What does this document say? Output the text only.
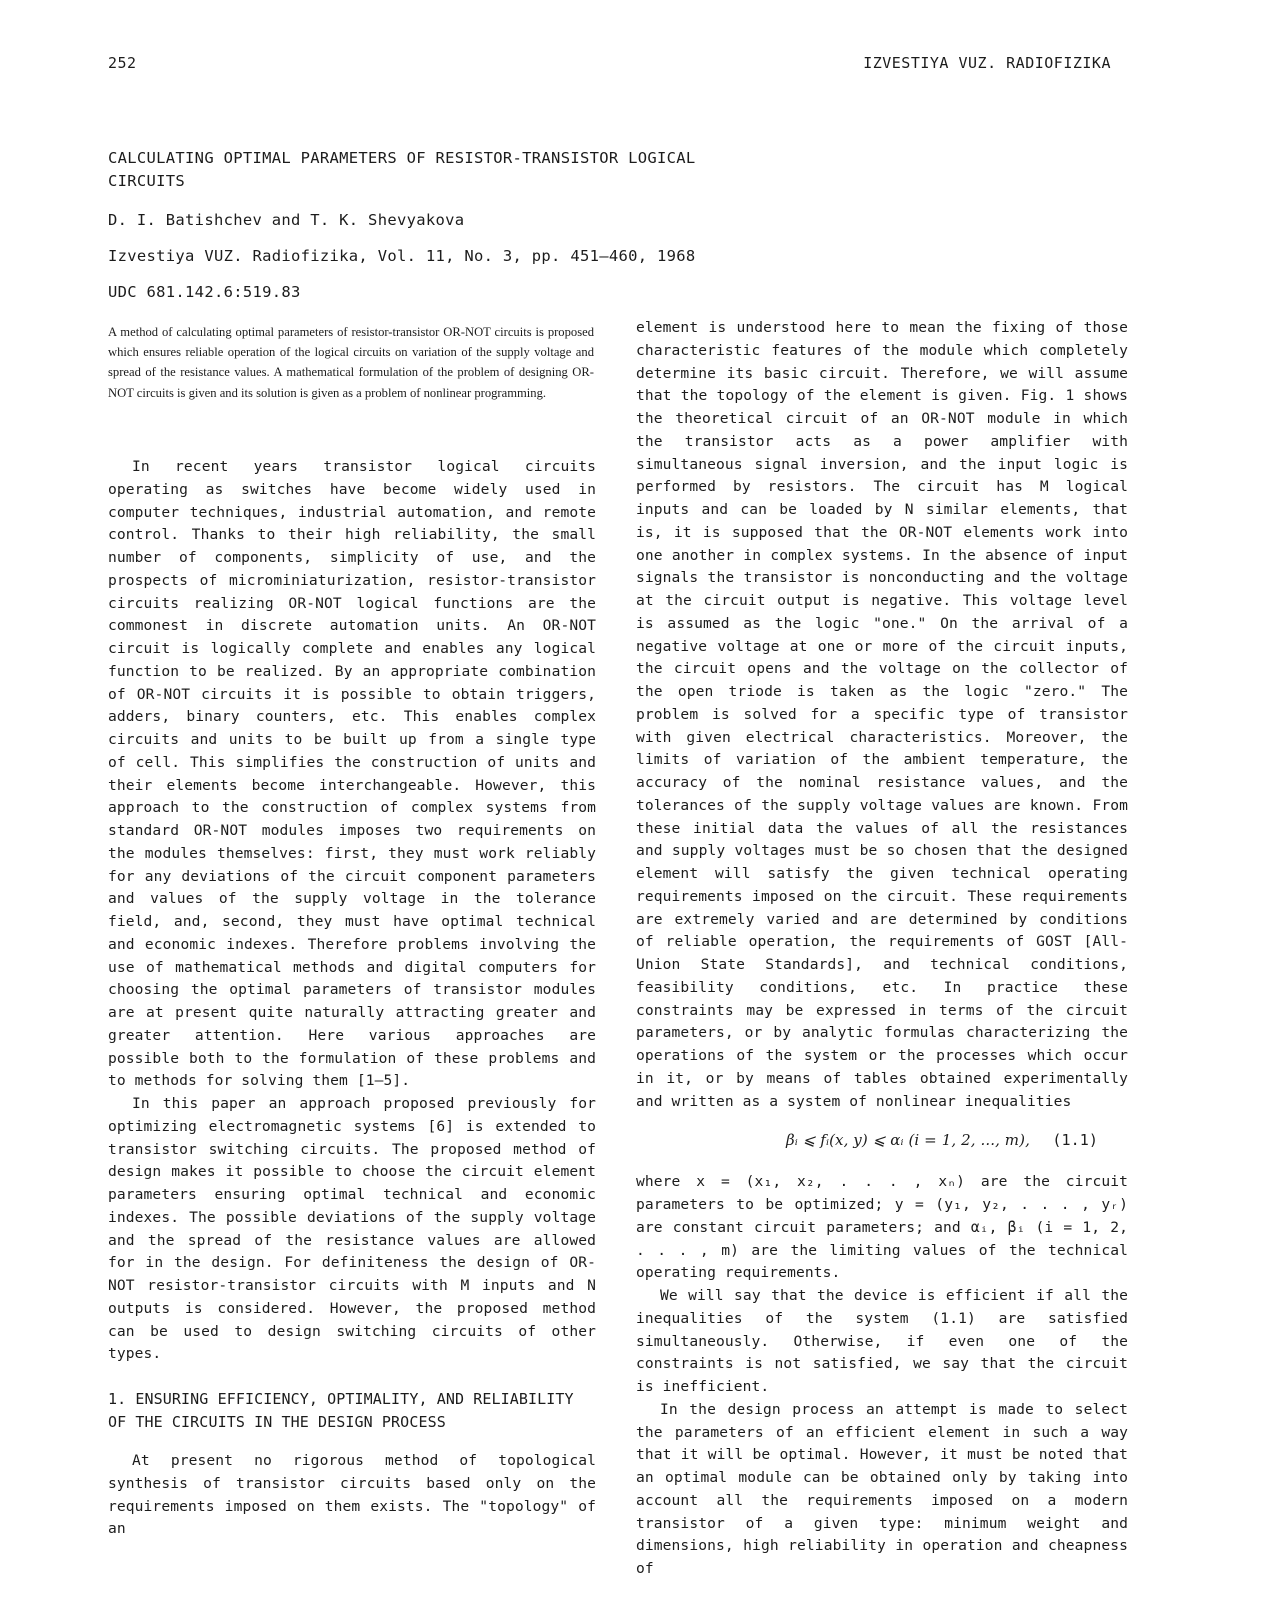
252	IZVESTIYA VUZ. RADIOFIZIKA
CALCULATING OPTIMAL PARAMETERS OF RESISTOR-TRANSISTOR LOGICAL
CIRCUITS

D. I. Batishchev and T. K. Shevyakova

Izvestiya VUZ. Radiofizika, Vol. 11, No. 3, pp. 451–460, 1968

UDC 681.142.6:519.83

A method of calculating optimal parameters of resistor-transistor OR-NOT circuits is proposed which ensures reliable operation of the logical circuits on variation of the supply voltage and spread of the resistance values. A mathematical formulation of the problem of designing OR-NOT circuits is given and its solution is given as a problem of nonlinear programming.

In recent years transistor logical circuits operating as switches have become widely used in computer techniques, industrial automation, and remote control. Thanks to their high reliability, the small number of components, simplicity of use, and the prospects of microminiaturization, resistor-transistor circuits realizing OR-NOT logical functions are the commonest in discrete automation units. An OR-NOT circuit is logically complete and enables any logical function to be realized. By an appropriate combination of OR-NOT circuits it is possible to obtain triggers, adders, binary counters, etc. This enables complex circuits and units to be built up from a single type of cell. This simplifies the construction of units and their elements become interchangeable. However, this approach to the construction of complex systems from standard OR-NOT modules imposes two requirements on the modules themselves: first, they must work reliably for any deviations of the circuit component parameters and values of the supply voltage in the tolerance field, and, second, they must have optimal technical and economic indexes. Therefore problems involving the use of mathematical methods and digital computers for choosing the optimal parameters of transistor modules are at present quite naturally attracting greater and greater attention. Here various approaches are possible both to the formulation of these problems and to methods for solving them [1–5].

In this paper an approach proposed previously for optimizing electromagnetic systems [6] is extended to transistor switching circuits. The proposed method of design makes it possible to choose the circuit element parameters ensuring optimal technical and economic indexes. The possible deviations of the supply voltage and the spread of the resistance values are allowed for in the design. For definiteness the design of OR-NOT resistor-transistor circuits with M inputs and N outputs is considered. However, the proposed method can be used to design switching circuits of other types.

1. ENSURING EFFICIENCY, OPTIMALITY, AND RELIABILITY OF THE CIRCUITS IN THE DESIGN PROCESS

At present no rigorous method of topological synthesis of transistor circuits based only on the requirements imposed on them exists. The "topology" of an

element is understood here to mean the fixing of those characteristic features of the module which completely determine its basic circuit. Therefore, we will assume that the topology of the element is given. Fig. 1 shows the theoretical circuit of an OR-NOT module in which the transistor acts as a power amplifier with simultaneous signal inversion, and the input logic is performed by resistors. The circuit has M logical inputs and can be loaded by N similar elements, that is, it is supposed that the OR-NOT elements work into one another in complex systems. In the absence of input signals the transistor is nonconducting and the voltage at the circuit output is negative. This voltage level is assumed as the logic "one." On the arrival of a negative voltage at one or more of the circuit inputs, the circuit opens and the voltage on the collector of the open triode is taken as the logic "zero." The problem is solved for a specific type of transistor with given electrical characteristics. Moreover, the limits of variation of the ambient temperature, the accuracy of the nominal resistance values, and the tolerances of the supply voltage values are known. From these initial data the values of all the resistances and supply voltages must be so chosen that the designed element will satisfy the given technical operating requirements imposed on the circuit. These requirements are extremely varied and are determined by conditions of reliable operation, the requirements of GOST [All-Union State Standards], and technical conditions, feasibility conditions, etc. In practice these constraints may be expressed in terms of the circuit parameters, or by analytic formulas characterizing the operations of the system or the processes which occur in it, or by means of tables obtained experimentally and written as a system of nonlinear inequalities

βᵢ ⩽ fᵢ(x, y) ⩽ αᵢ (i = 1, 2, ..., m), (1.1)

where x = (x₁, x₂, . . . , xₙ) are the circuit parameters to be optimized; y = (y₁, y₂, . . . , yᵣ) are constant circuit parameters; and αᵢ, βᵢ (i = 1, 2, . . . , m) are the limiting values of the technical operating requirements.

We will say that the device is efficient if all the inequalities of the system (1.1) are satisfied simultaneously. Otherwise, if even one of the constraints is not satisfied, we say that the circuit is inefficient.

In the design process an attempt is made to select the parameters of an efficient element in such a way that it will be optimal. However, it must be noted that an optimal module can be obtained only by taking into account all the requirements imposed on a modern transistor of a given type: minimum weight and dimensions, high reliability in operation and cheapness of
